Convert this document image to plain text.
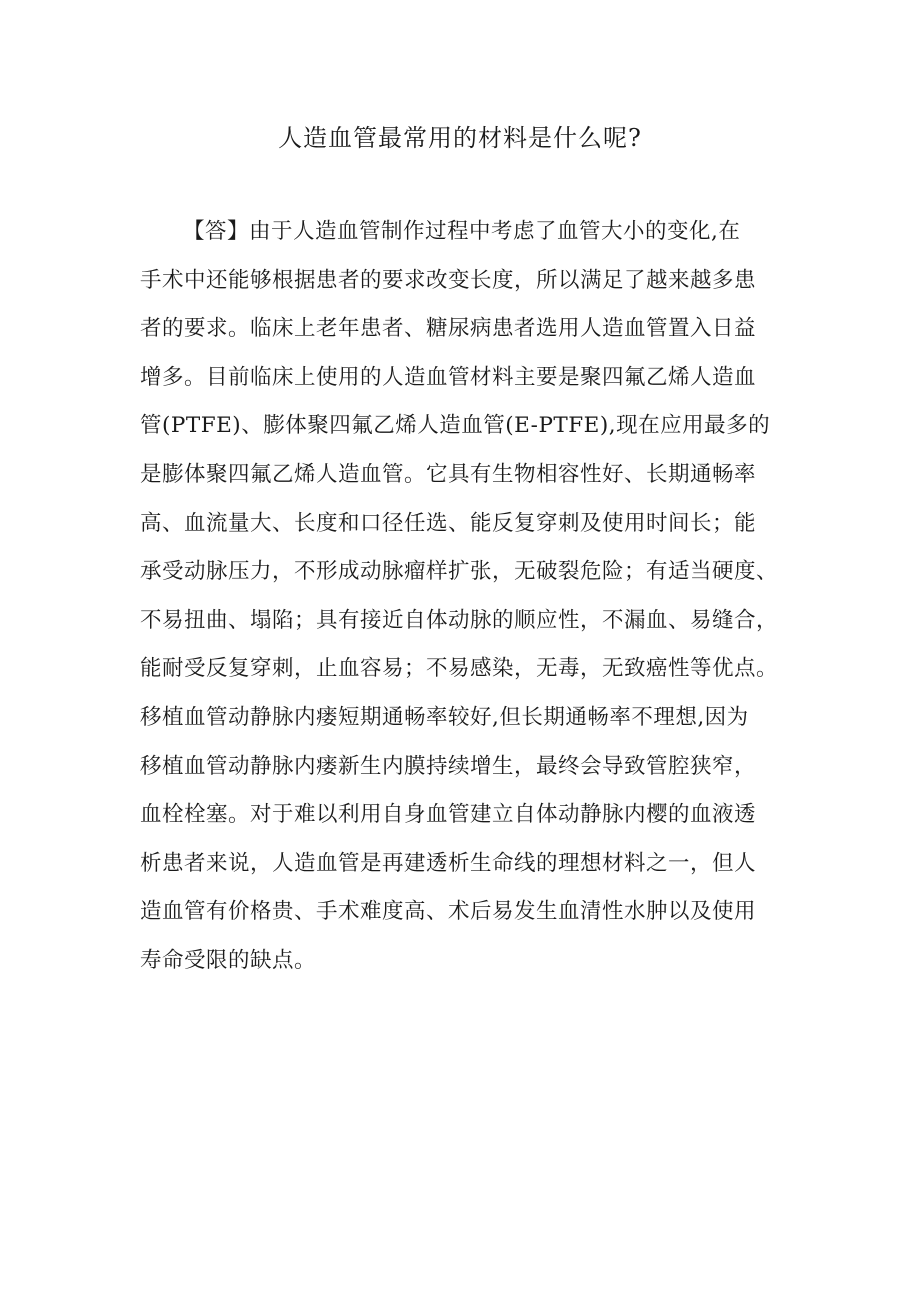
人造血管最常用的材料是什么呢?
【答】由于人造血管制作过程中考虑了血管大小的变化,在
手术中还能够根据患者的要求改变长度，所以满足了越来越多患
者的要求。临床上老年患者、糖尿病患者选用人造血管置入日益
增多。目前临床上使用的人造血管材料主要是聚四氟乙烯人造血
管(PTFE)、膨体聚四氟乙烯人造血管(E-PTFE),现在应用最多的
是膨体聚四氟乙烯人造血管。它具有生物相容性好、长期通畅率
高、血流量大、长度和口径任选、能反复穿刺及使用时间长；能
承受动脉压力，不形成动脉瘤样扩张，无破裂危险；有适当硬度、
不易扭曲、塌陷；具有接近自体动脉的顺应性，不漏血、易缝合，
能耐受反复穿刺，止血容易；不易感染，无毒，无致癌性等优点。
移植血管动静脉内瘘短期通畅率较好,但长期通畅率不理想,因为
移植血管动静脉内瘘新生内膜持续增生，最终会导致管腔狭窄，
血栓栓塞。对于难以利用自身血管建立自体动静脉内樱的血液透
析患者来说，人造血管是再建透析生命线的理想材料之一，但人
造血管有价格贵、手术难度高、术后易发生血清性水肿以及使用
寿命受限的缺点。
